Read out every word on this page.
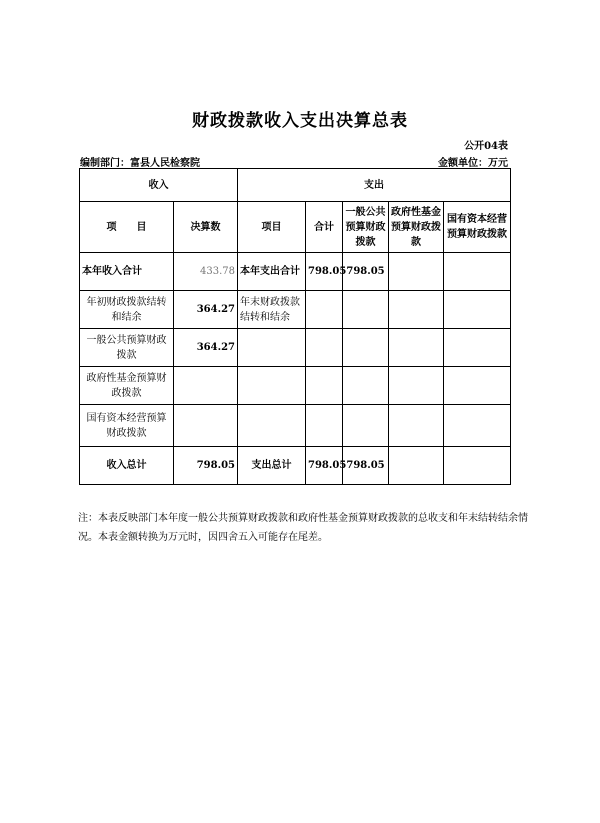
财政拨款收入支出决算总表
公开04表
编制部门：富县人民检察院	金额单位：万元
收入		支出				
项　　目	决算数	项目	合计	一般公共预算财政拨款	政府性基金预算财政拨款	国有资本经营预算财政拨款
本年收入合计	433.78	本年支出合计	798.05	798.05		
年初财政拨款结转和结余	364.27	年末财政拨款结转和结余				
一般公共预算财政拨款	364.27					
政府性基金预算财政拨款						
国有资本经营预算财政拨款						
收入总计	798.05	支出总计	798.05	798.05		
注：本表反映部门本年度一般公共预算财政拨款和政府性基金预算财政拨款的总收支和年末结转结余情况。本表金额转换为万元时，因四舍五入可能存在尾差。
